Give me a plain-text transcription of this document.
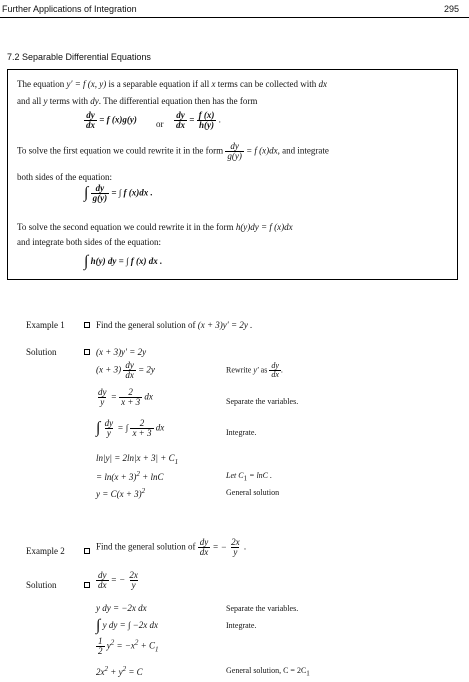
Further Applications of Integration	295
7.2 Separable Differential Equations
The equation y′ = f (x, y) is a separable equation if all x terms can be collected with dx
and all y terms with dy. The differential equation then has the form
$\frac{dy}{dx} = f$ (x)g(y) or $\frac{dy}{dx} = \frac{f (x)}{h(y)}$ .
To solve the first equation we could rewrite it in the form $\frac{dy}{g(y)} = f$ (x)dx, and integrate
both sides of the equation:
∫ $\frac{dy}{g(y)}$ = ∫ f (x)dx .
To solve the second equation we could rewrite it in the form h(y)dy = f (x)dx
and integrate both sides of the equation:
∫ h(y) dy = ∫ f (x) dx .
Example 1	Find the general solution of (x + 3)y′ = 2y .
Solution	(x + 3)y′ = 2y
$(x + 3) \frac{dy}{dx} = 2y$	Rewrite y′ as $\frac{dy}{dx}$ .
$\frac{dy}{y} = \frac{2}{x + 3}$ dx	Separate the variables.
∫ $\frac{dy}{y}$ = ∫ $\frac{2}{x + 3}$ dx	Integrate.
$\ln|y| = 2\ln|x + 3| + C_1$
= $\ln(x + 3)^2 + \ln C$	Let $C_1 = \ln C$ .
$y = C(x + 3)^2$	General solution
Example 2	Find the general solution of $\frac{dy}{dx}$ = − $\frac{2x}{y}$ .
Solution	$\frac{dy}{dx}$ = − $\frac{2x}{y}$
y dy = −2x dx	Separate the variables.
∫ y dy = ∫ −2x dx	Integrate.
$\frac{1}{2} y^2 = -x^2 + C_1$
$2x^2 + y^2 = C$	General solution, $C = 2C_1$
